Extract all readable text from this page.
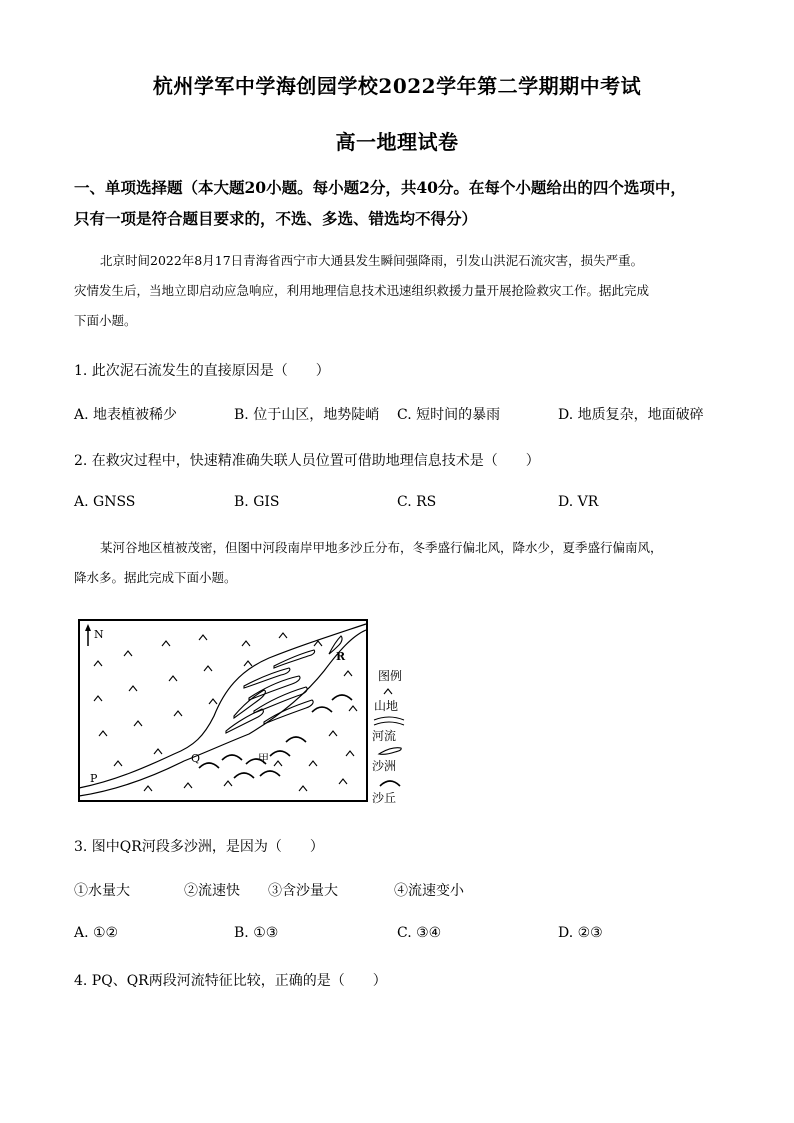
杭州学军中学海创园学校2022学年第二学期期中考试
高一地理试卷
一、单项选择题（本大题20小题。每小题2分，共40分。在每个小题给出的四个选项中，
只有一项是符合题目要求的，不选、多选、错选均不得分）
北京时间2022年8月17日青海省西宁市大通县发生瞬间强降雨，引发山洪泥石流灾害，损失严重。
灾情发生后，当地立即启动应急响应，利用地理信息技术迅速组织救援力量开展抢险救灾工作。据此完成
下面小题。
1. 此次泥石流发生的直接原因是（　　）
A. 地表植被稀少	B. 位于山区，地势陡峭 C. 短时间的暴雨	D. 地质复杂，地面破碎
2. 在救灾过程中，快速精准确失联人员位置可借助地理信息技术是（　　）
A. GNSS	B. GIS	C. RS	D. VR
某河谷地区植被茂密，但图中河段南岸甲地多沙丘分布，冬季盛行偏北风，降水少，夏季盛行偏南风，
降水多。据此完成下面小题。
N
P
Q
R
甲
图例
山地
河流
沙洲
沙丘
3. 图中QR河段多沙洲，是因为（　　）
①水量大	②流速快 ③含沙量大	④流速变小
A. ①②	B. ①③	C. ③④	D. ②③
4. PQ、QR两段河流特征比较，正确的是（　　）
